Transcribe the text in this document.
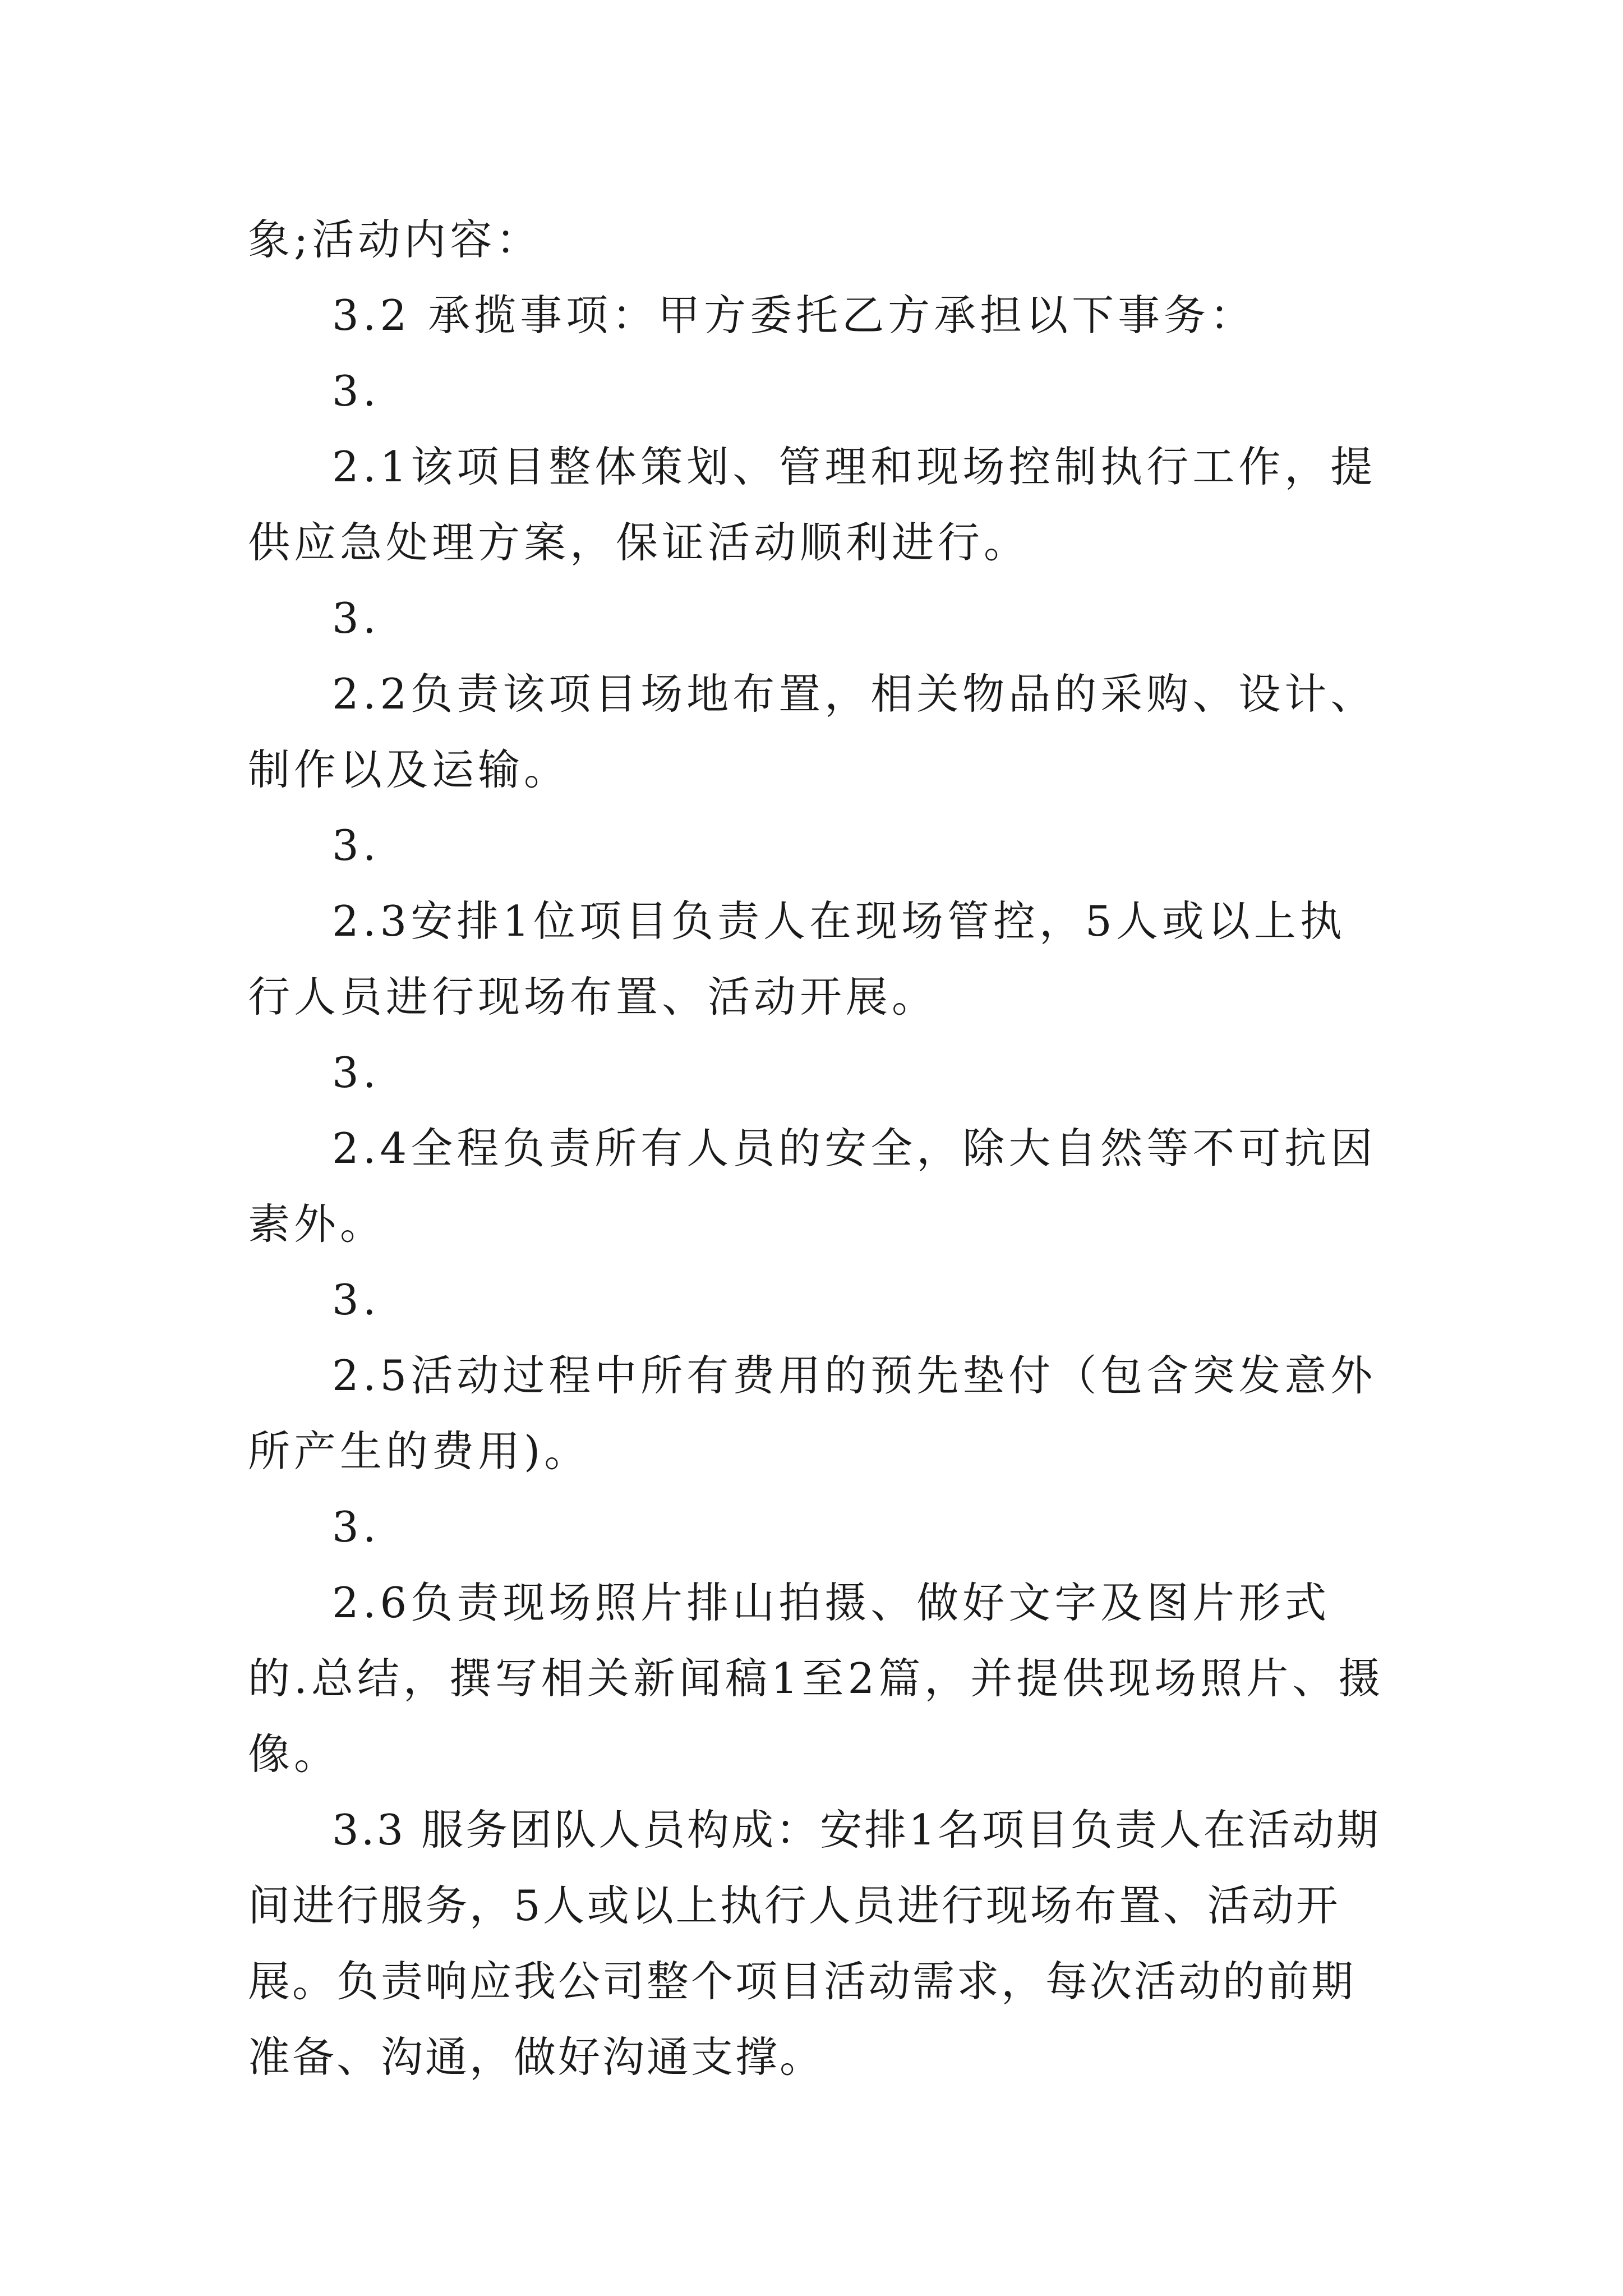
象;活动内容：

3.2 承揽事项：甲方委托乙方承担以下事务：

3.

2.1该项目整体策划、管理和现场控制执行工作，提供应急处理方案，保证活动顺利进行。

3.

2.2负责该项目场地布置，相关物品的采购、设计、制作以及运输。

3.

2.3安排1位项目负责人在现场管控，5人或以上执行人员进行现场布置、活动开展。

3.

2.4全程负责所有人员的安全，除大自然等不可抗因素外。

3.

2.5活动过程中所有费用的预先垫付（包含突发意外所产生的费用)。

3.

2.6负责现场照片排山拍摄、做好文字及图片形式的.总结，撰写相关新闻稿1至2篇，并提供现场照片、摄像。

3.3 服务团队人员构成：安排1名项目负责人在活动期间进行服务，5人或以上执行人员进行现场布置、活动开展。负责响应我公司整个项目活动需求，每次活动的前期准备、沟通，做好沟通支撑。
